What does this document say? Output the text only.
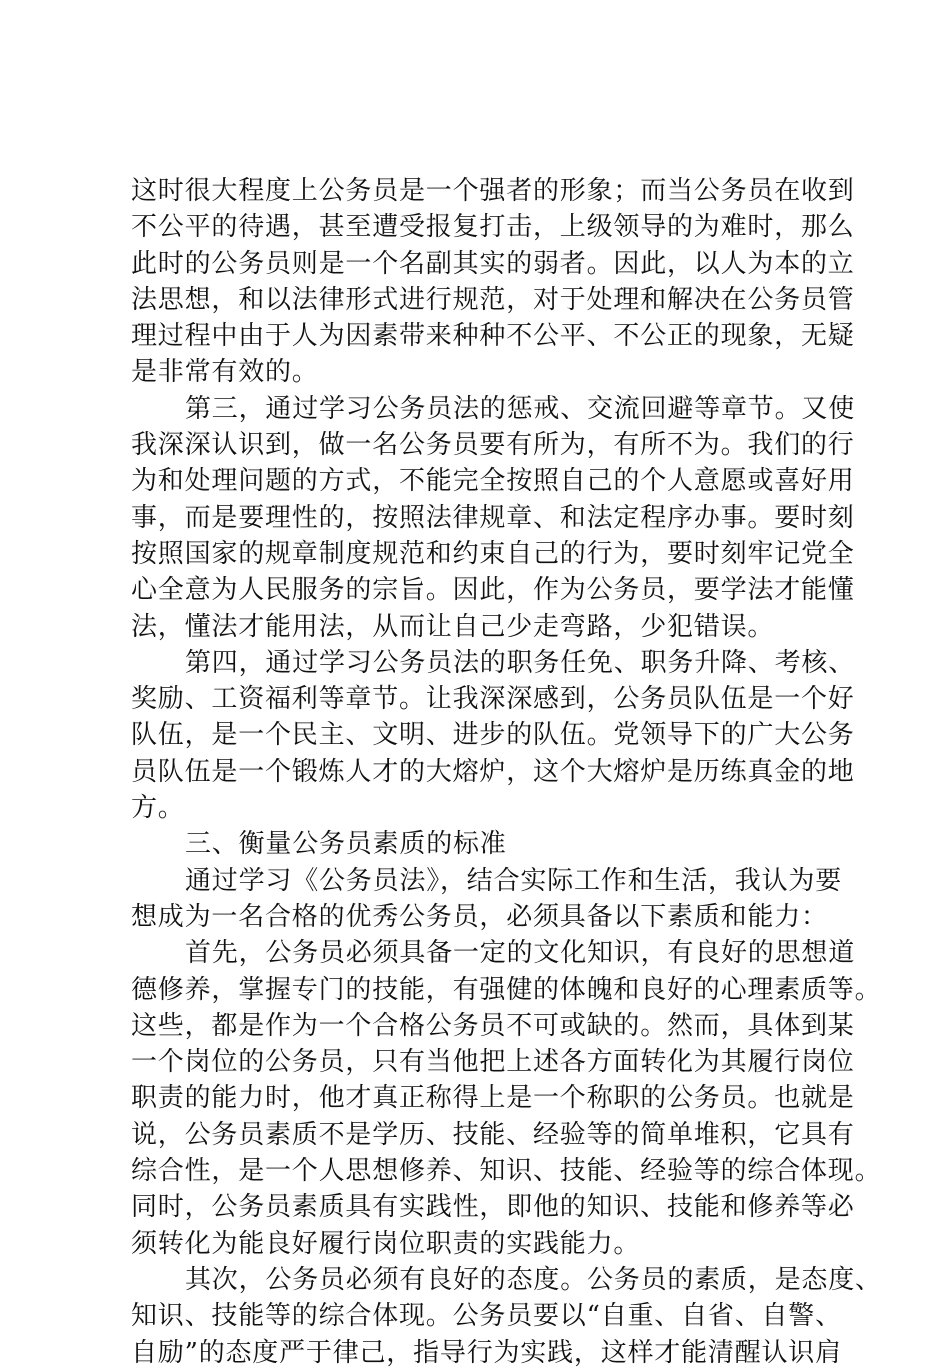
这时很大程度上公务员是一个强者的形象；而当公务员在收到
不公平的待遇，甚至遭受报复打击，上级领导的为难时，那么
此时的公务员则是一个名副其实的弱者。因此，以人为本的立
法思想，和以法律形式进行规范，对于处理和解决在公务员管
理过程中由于人为因素带来种种不公平、不公正的现象，无疑
是非常有效的。
第三，通过学习公务员法的惩戒、交流回避等章节。又使
我深深认识到，做一名公务员要有所为，有所不为。我们的行
为和处理问题的方式，不能完全按照自己的个人意愿或喜好用
事，而是要理性的，按照法律规章、和法定程序办事。要时刻
按照国家的规章制度规范和约束自己的行为，要时刻牢记党全
心全意为人民服务的宗旨。因此，作为公务员，要学法才能懂
法，懂法才能用法，从而让自己少走弯路，少犯错误。
第四，通过学习公务员法的职务任免、职务升降、考核、
奖励、工资福利等章节。让我深深感到，公务员队伍是一个好
队伍，是一个民主、文明、进步的队伍。党领导下的广大公务
员队伍是一个锻炼人才的大熔炉，这个大熔炉是历练真金的地
方。
三、衡量公务员素质的标准
通过学习《公务员法》，结合实际工作和生活，我认为要
想成为一名合格的优秀公务员，必须具备以下素质和能力：
首先，公务员必须具备一定的文化知识，有良好的思想道
德修养，掌握专门的技能，有强健的体魄和良好的心理素质等。
这些，都是作为一个合格公务员不可或缺的。然而，具体到某
一个岗位的公务员，只有当他把上述各方面转化为其履行岗位
职责的能力时，他才真正称得上是一个称职的公务员。也就是
说，公务员素质不是学历、技能、经验等的简单堆积，它具有
综合性，是一个人思想修养、知识、技能、经验等的综合体现。
同时，公务员素质具有实践性，即他的知识、技能和修养等必
须转化为能良好履行岗位职责的实践能力。
其次，公务员必须有良好的态度。公务员的素质，是态度、
知识、技能等的综合体现。公务员要以“自重、自省、自警、
自励”的态度严于律己，指导行为实践，这样才能清醒认识肩
